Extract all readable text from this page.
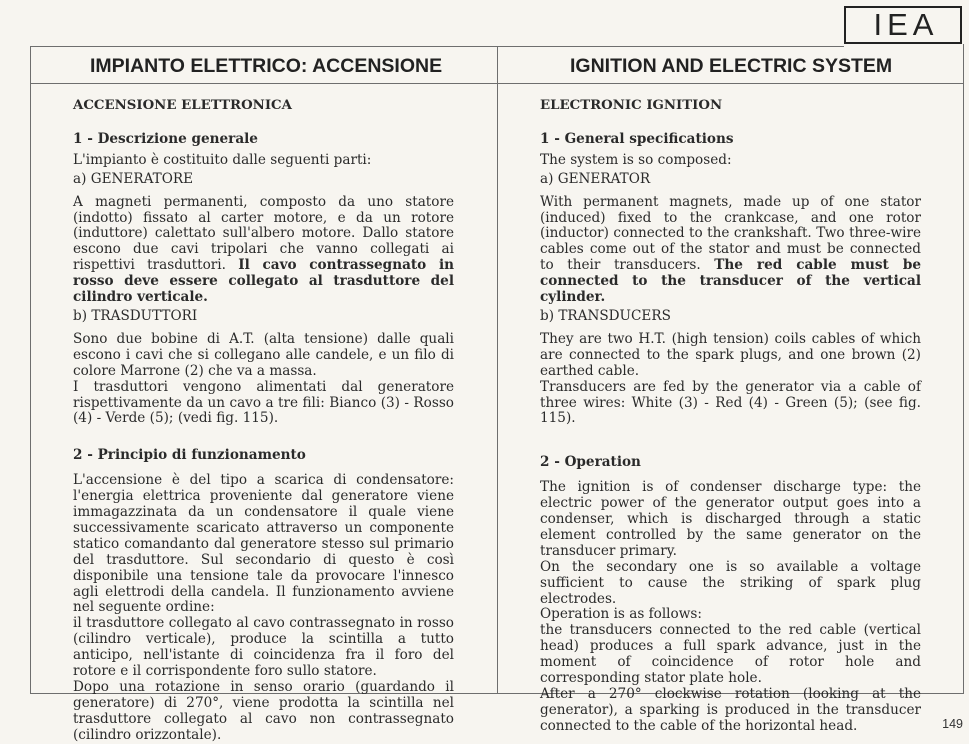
IEA
IMPIANTO ELETTRICO: ACCENSIONE	IGNITION AND ELECTRIC SYSTEM

ACCENSIONE ELETTRONICA

1 - Descrizione generale

L'impianto è costituito dalle seguenti parti:

a) GENERATORE

A magneti permanenti, composto da uno statore (indotto) fissato al carter motore, e da un rotore (induttore) calettato sull'albero motore. Dallo statore escono due cavi tripolari che vanno collegati ai rispettivi trasduttori. Il cavo contrassegnato in rosso deve essere collegato al trasduttore del cilindro verticale.

b) TRASDUTTORI

Sono due bobine di A.T. (alta tensione) dalle quali escono i cavi che si collegano alle candele, e un filo di colore Marrone (2) che va a massa.

I trasduttori vengono alimentati dal generatore rispettivamente da un cavo a tre fili: Bianco (3) - Rosso (4) - Verde (5); (vedi fig. 115).

2 - Principio di funzionamento

L'accensione è del tipo a scarica di condensatore: l'energia elettrica proveniente dal generatore viene immagazzinata da un condensatore il quale viene successivamente scaricato attraverso un componente statico comandanto dal generatore stesso sul primario del trasduttore. Sul secondario di questo è così disponibile una tensione tale da provocare l'innesco agli elettrodi della candela. Il funzionamento avviene nel seguente ordine:

il trasduttore collegato al cavo contrassegnato in rosso (cilindro verticale), produce la scintilla a tutto anticipo, nell'istante di coincidenza fra il foro del rotore e il corrispondente foro sullo statore.

Dopo una rotazione in senso orario (guardando il generatore) di 270°, viene prodotta la scintilla nel trasduttore collegato al cavo non contrassegnato (cilindro orizzontale).

ELECTRONIC IGNITION

1 - General specifications

The system is so composed:

a) GENERATOR

With permanent magnets, made up of one stator (induced) fixed to the crankcase, and one rotor (inductor) connected to the crankshaft. Two three-wire cables come out of the stator and must be connected to their transducers. The red cable must be connected to the transducer of the vertical cylinder.

b) TRANSDUCERS

They are two H.T. (high tension) coils cables of which are connected to the spark plugs, and one brown (2) earthed cable.

Transducers are fed by the generator via a cable of three wires: White (3) - Red (4) - Green (5); (see fig. 115).

2 - Operation

The ignition is of condenser discharge type: the electric power of the generator output goes into a condenser, which is discharged through a static element controlled by the same generator on the transducer primary.

On the secondary one is so available a voltage sufficient to cause the striking of spark plug electrodes.

Operation is as follows:

the transducers connected to the red cable (vertical head) produces a full spark advance, just in the moment of coincidence of rotor hole and corresponding stator plate hole.

After a 270° clockwise rotation (looking at the generator), a sparking is produced in the transducer connected to the cable of the horizontal head.	149
